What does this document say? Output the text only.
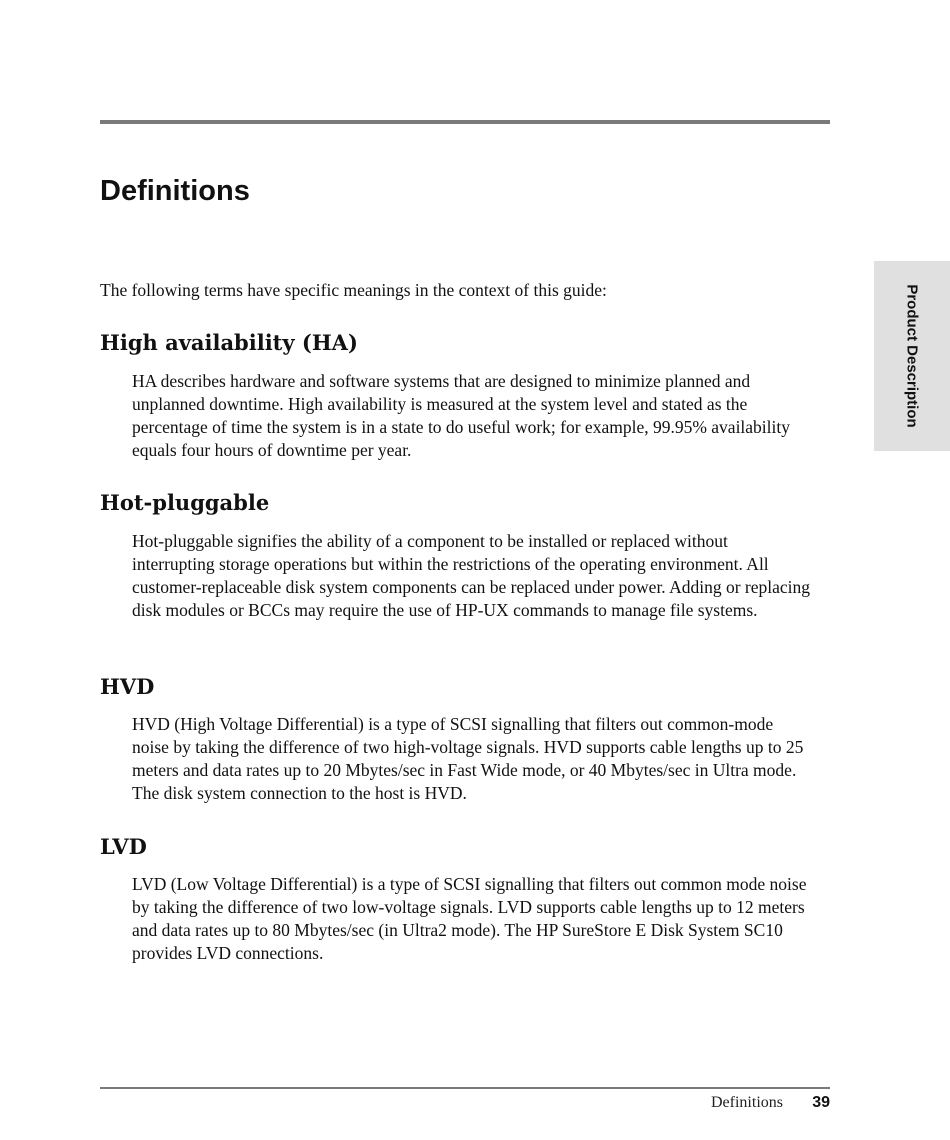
Definitions

The following terms have specific meanings in the context of this guide:

High availability (HA)

HA describes hardware and software systems that are designed to minimize planned and unplanned downtime. High availability is measured at the system level and stated as the percentage of time the system is in a state to do useful work; for example, 99.95% availability equals four hours of downtime per year.

Hot-pluggable

Hot-pluggable signifies the ability of a component to be installed or replaced without interrupting storage operations but within the restrictions of the operating environment. All customer-replaceable disk system components can be replaced under power. Adding or replacing disk modules or BCCs may require the use of HP-UX commands to manage file systems.

HVD

HVD (High Voltage Differential) is a type of SCSI signalling that filters out common-mode noise by taking the difference of two high-voltage signals. HVD supports cable lengths up to 25 meters and data rates up to 20 Mbytes/sec in Fast Wide mode, or 40 Mbytes/sec in Ultra mode. The disk system connection to the host is HVD.

LVD

LVD (Low Voltage Differential) is a type of SCSI signalling that filters out common mode noise by taking the difference of two low-voltage signals. LVD supports cable lengths up to 12 meters and data rates up to 80 Mbytes/sec (in Ultra2 mode). The HP SureStore E Disk System SC10 provides LVD connections.

Product Description
Definitions 39
